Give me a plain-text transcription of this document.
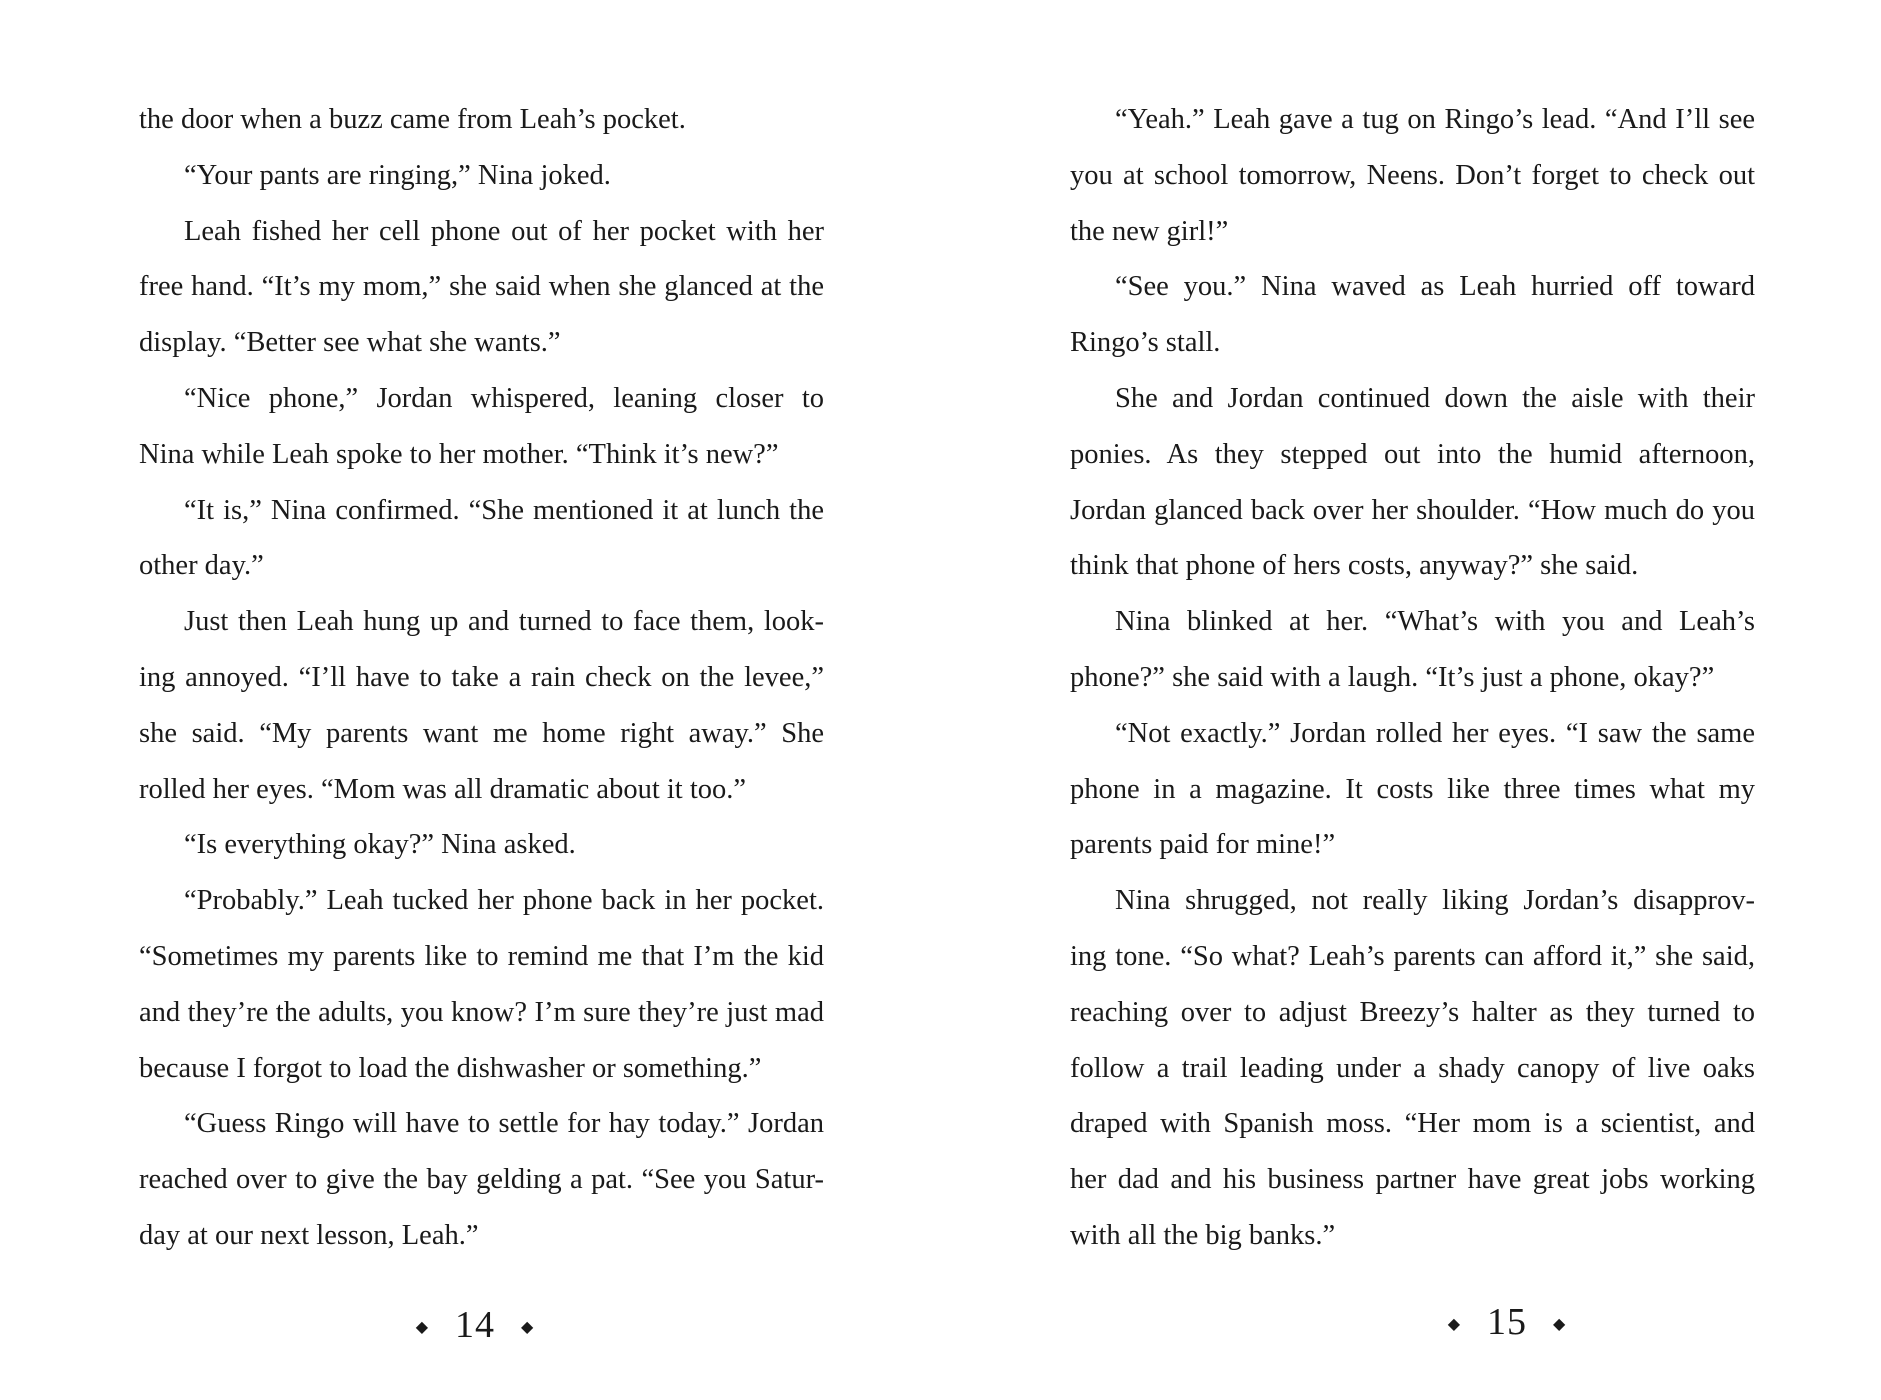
the door when a buzz came from Leah’s pocket.
“Your pants are ringing,” Nina joked.
Leah fished her cell phone out of her pocket with her
free hand. “It’s my mom,” she said when she glanced at the
display. “Better see what she wants.”
“Nice phone,” Jordan whispered, leaning closer to
Nina while Leah spoke to her mother. “Think it’s new?”
“It is,” Nina confirmed. “She mentioned it at lunch the
other day.”
Just then Leah hung up and turned to face them, look-
ing annoyed. “I’ll have to take a rain check on the levee,”
she said. “My parents want me home right away.” She
rolled her eyes. “Mom was all dramatic about it too.”
“Is everything okay?” Nina asked.
“Probably.” Leah tucked her phone back in her pocket.
“Sometimes my parents like to remind me that I’m the kid
and they’re the adults, you know? I’m sure they’re just mad
because I forgot to load the dishwasher or something.”
“Guess Ringo will have to settle for hay today.” Jordan
reached over to give the bay gelding a pat. “See you Satur-
day at our next lesson, Leah.”
◆ 14 ◆
“Yeah.” Leah gave a tug on Ringo’s lead. “And I’ll see
you at school tomorrow, Neens. Don’t forget to check out
the new girl!”
“See you.” Nina waved as Leah hurried off toward
Ringo’s stall.
She and Jordan continued down the aisle with their
ponies. As they stepped out into the humid afternoon,
Jordan glanced back over her shoulder. “How much do you
think that phone of hers costs, anyway?” she said.
Nina blinked at her. “What’s with you and Leah’s
phone?” she said with a laugh. “It’s just a phone, okay?”
“Not exactly.” Jordan rolled her eyes. “I saw the same
phone in a magazine. It costs like three times what my
parents paid for mine!”
Nina shrugged, not really liking Jordan’s disapprov-
ing tone. “So what? Leah’s parents can afford it,” she said,
reaching over to adjust Breezy’s halter as they turned to
follow a trail leading under a shady canopy of live oaks
draped with Spanish moss. “Her mom is a scientist, and
her dad and his business partner have great jobs working
with all the big banks.”
◆ 15 ◆
